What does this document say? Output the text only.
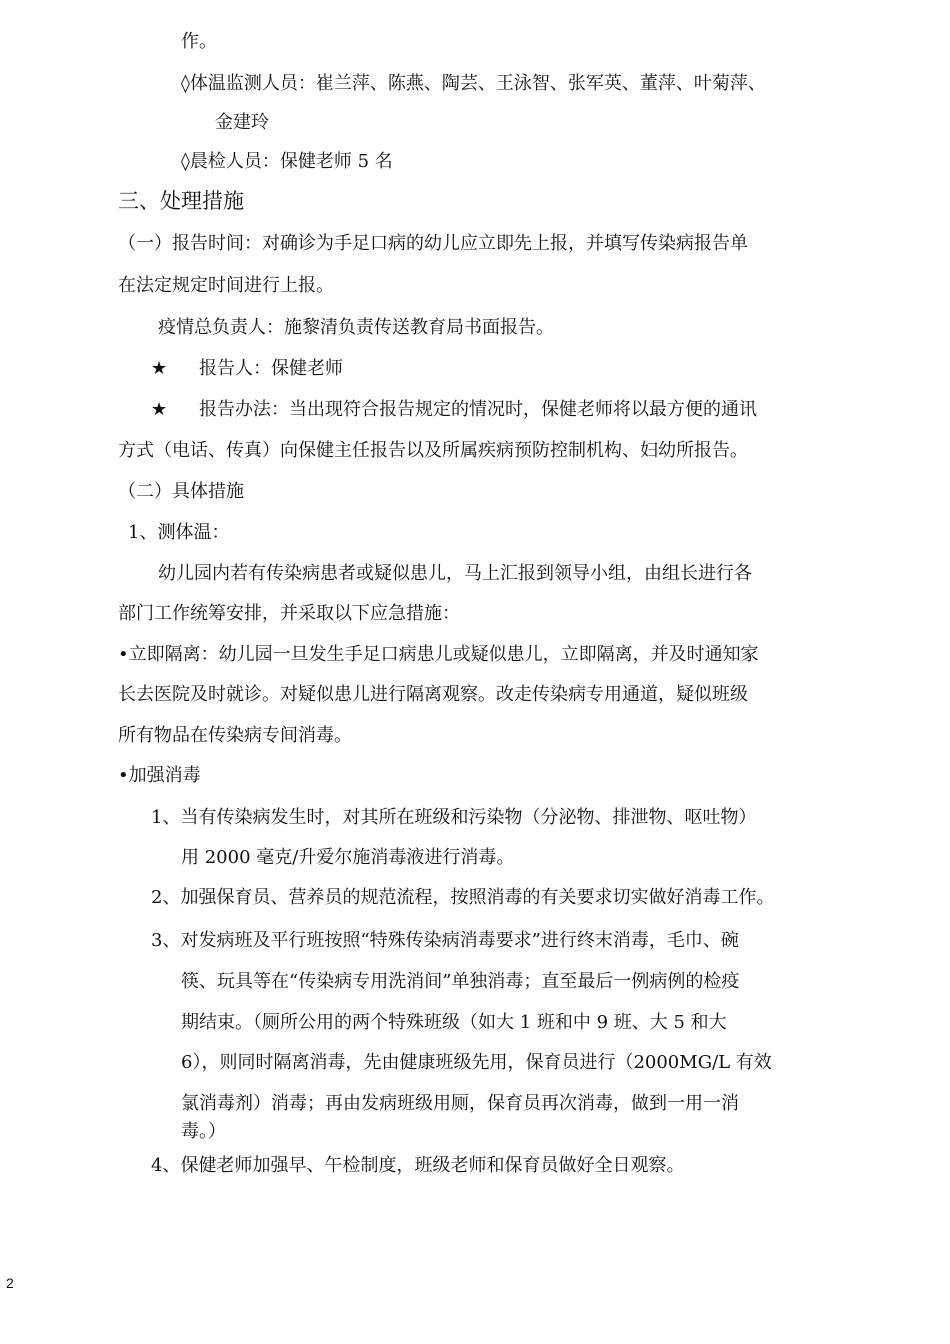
作。
◊体温监测人员：崔兰萍、陈燕、陶芸、王泳智、张军英、董萍、叶菊萍、
金建玲
◊晨检人员：保健老师 5 名
三、处理措施
（一）报告时间：对确诊为手足口病的幼儿应立即先上报，并填写传染病报告单
在法定规定时间进行上报。
疫情总负责人：施黎清负责传送教育局书面报告。
★ 报告人：保健老师
★ 报告办法：当出现符合报告规定的情况时，保健老师将以最方便的通讯
方式（电话、传真）向保健主任报告以及所属疾病预防控制机构、妇幼所报告。
（二）具体措施
1、测体温：
幼儿园内若有传染病患者或疑似患儿，马上汇报到领导小组，由组长进行各
部门工作统筹安排，并采取以下应急措施：
•立即隔离：幼儿园一旦发生手足口病患儿或疑似患儿，立即隔离，并及时通知家
长去医院及时就诊。对疑似患儿进行隔离观察。改走传染病专用通道，疑似班级
所有物品在传染病专间消毒。
•加强消毒
1、当有传染病发生时，对其所在班级和污染物（分泌物、排泄物、呕吐物）
用 2000 毫克/升爱尔施消毒液进行消毒。
2、加强保育员、营养员的规范流程，按照消毒的有关要求切实做好消毒工作。
3、对发病班及平行班按照“特殊传染病消毒要求”进行终末消毒，毛巾、碗
筷、玩具等在“传染病专用洗消间”单独消毒；直至最后一例病例的检疫
期结束。（厕所公用的两个特殊班级（如大 1 班和中 9 班、大 5 和大
6），则同时隔离消毒，先由健康班级先用，保育员进行（2000MG/L 有效
氯消毒剂）消毒；再由发病班级用厕，保育员再次消毒，做到一用一消
毒。）
4、保健老师加强早、午检制度，班级老师和保育员做好全日观察。
2
